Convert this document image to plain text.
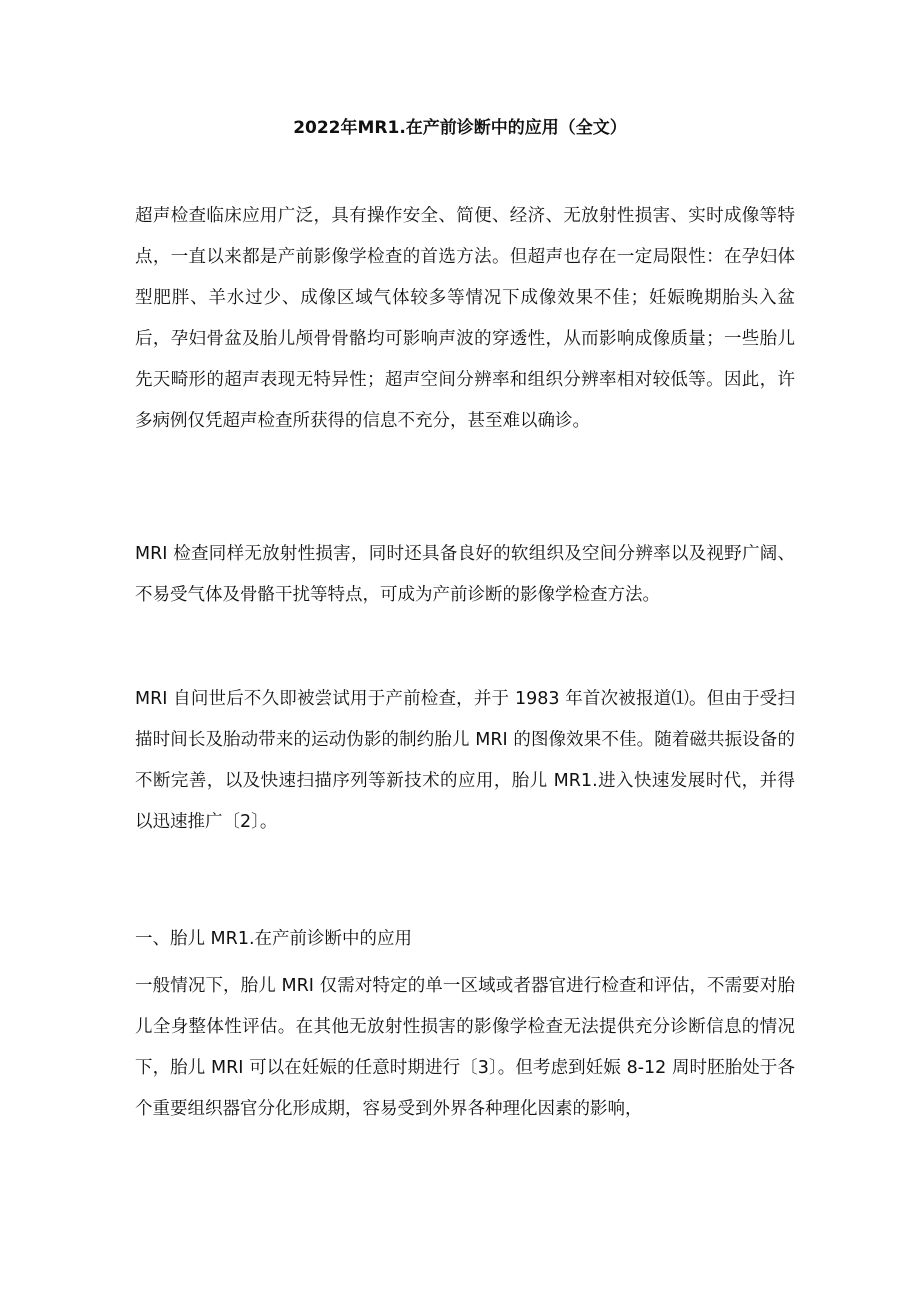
2022年MR1.在产前诊断中的应用（全文）

超声检查临床应用广泛，具有操作安全、简便、经济、无放射性损害、实时成像等特点，一直以来都是产前影像学检查的首选方法。但超声也存在一定局限性：在孕妇体型肥胖、羊水过少、成像区域气体较多等情况下成像效果不佳；妊娠晚期胎头入盆后，孕妇骨盆及胎儿颅骨骨骼均可影响声波的穿透性，从而影响成像质量；一些胎儿先天畸形的超声表现无特异性；超声空间分辨率和组织分辨率相对较低等。因此，许多病例仅凭超声检查所获得的信息不充分，甚至难以确诊。

MRI 检查同样无放射性损害，同时还具备良好的软组织及空间分辨率以及视野广阔、不易受气体及骨骼干扰等特点，可成为产前诊断的影像学检查方法。

MRI 自问世后不久即被尝试用于产前检查，并于 1983 年首次被报道⑴。但由于受扫描时间长及胎动带来的运动伪影的制约胎儿 MRI 的图像效果不佳。随着磁共振设备的不断完善，以及快速扫描序列等新技术的应用，胎儿 MR1.进入快速发展时代，并得以迅速推广〔2〕。

一、胎儿 MR1.在产前诊断中的应用

一般情况下，胎儿 MRI 仅需对特定的单一区域或者器官进行检查和评估，不需要对胎儿全身整体性评估。在其他无放射性损害的影像学检查无法提供充分诊断信息的情况下，胎儿 MRI 可以在妊娠的任意时期进行〔3〕。但考虑到妊娠 8-12 周时胚胎处于各个重要组织器官分化形成期，容易受到外界各种理化因素的影响，
